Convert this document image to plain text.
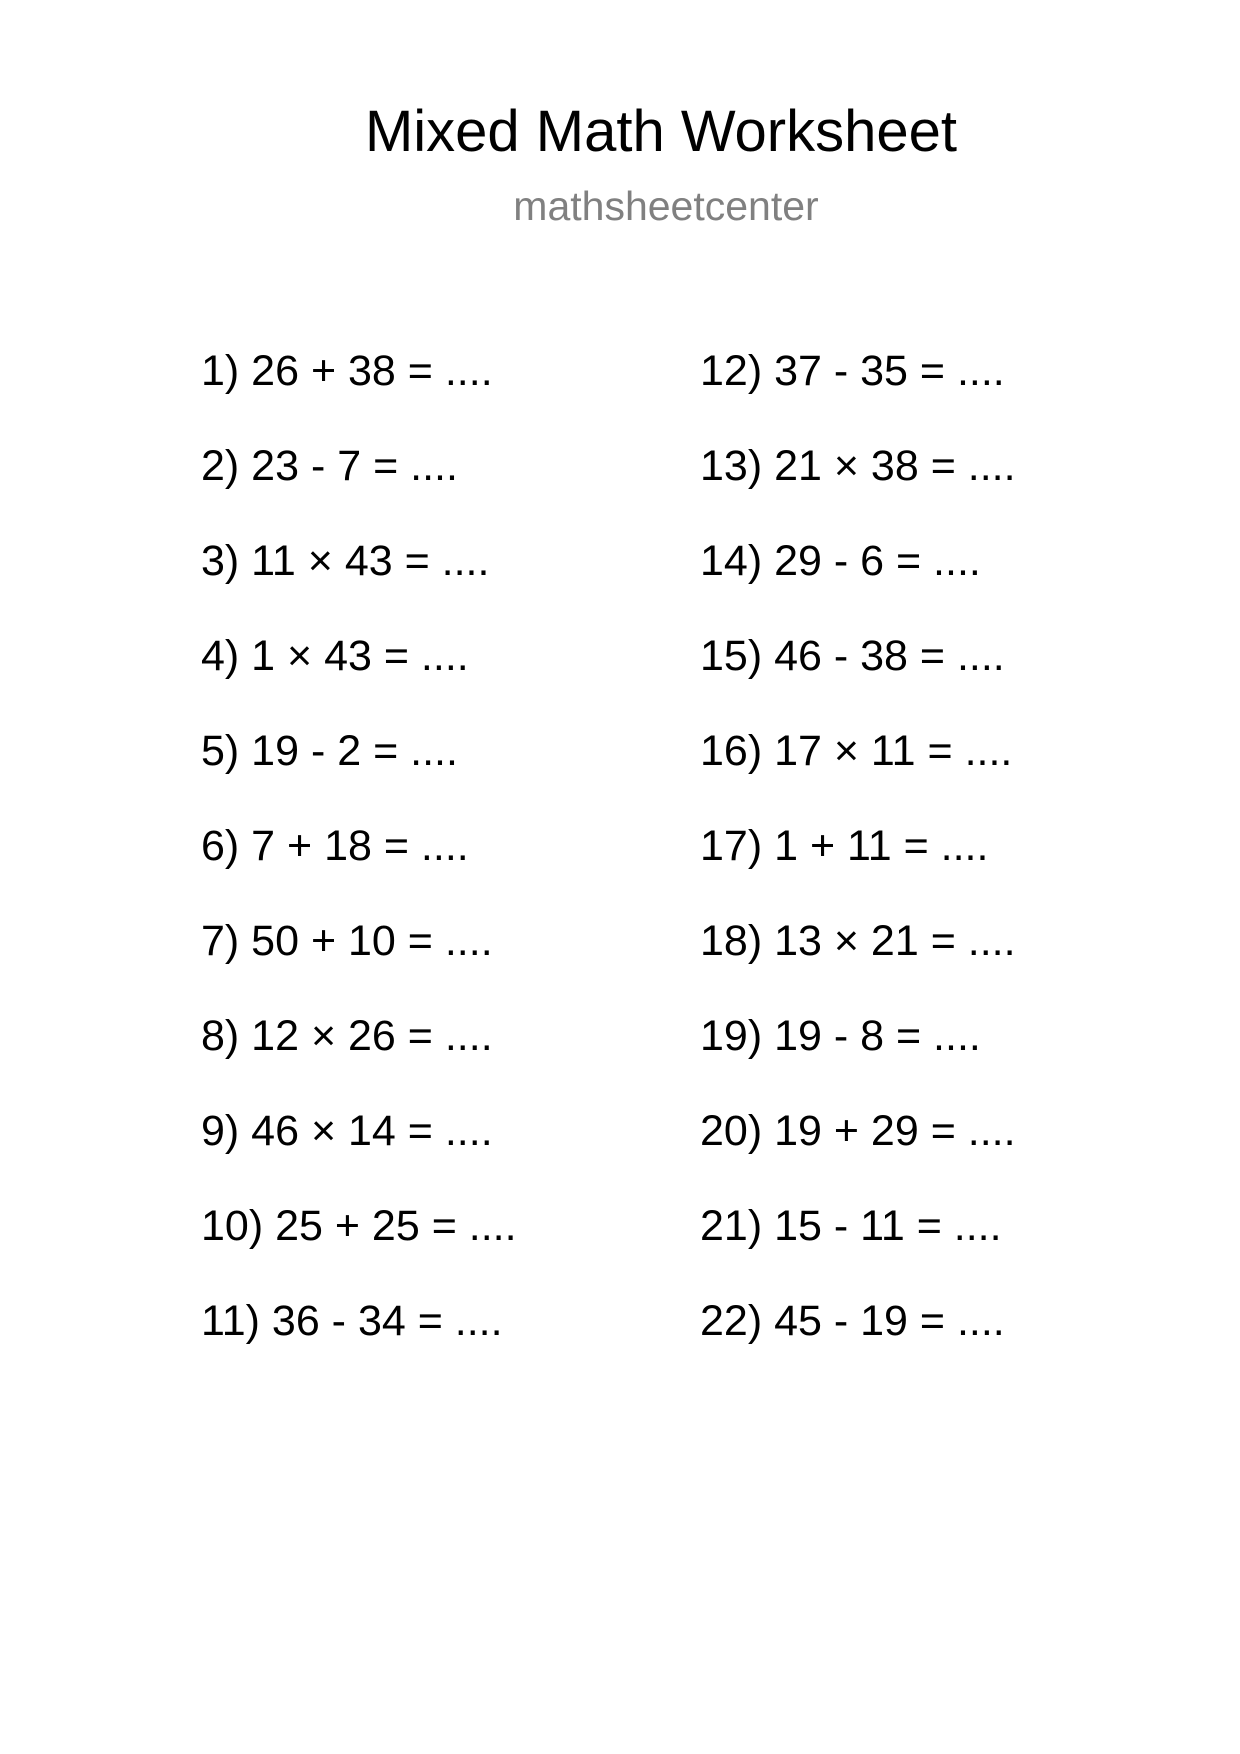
Mixed Math Worksheet
mathsheetcenter
1) 26 + 38 = ....
2) 23 - 7 = ....
3) 11 × 43 = ....
4) 1 × 43 = ....
5) 19 - 2 = ....
6) 7 + 18 = ....
7) 50 + 10 = ....
8) 12 × 26 = ....
9) 46 × 14 = ....
10) 25 + 25 = ....
11) 36 - 34 = ....
12) 37 - 35 = ....
13) 21 × 38 = ....
14) 29 - 6 = ....
15) 46 - 38 = ....
16) 17 × 11 = ....
17) 1 + 11 = ....
18) 13 × 21 = ....
19) 19 - 8 = ....
20) 19 + 29 = ....
21) 15 - 11 = ....
22) 45 - 19 = ....
